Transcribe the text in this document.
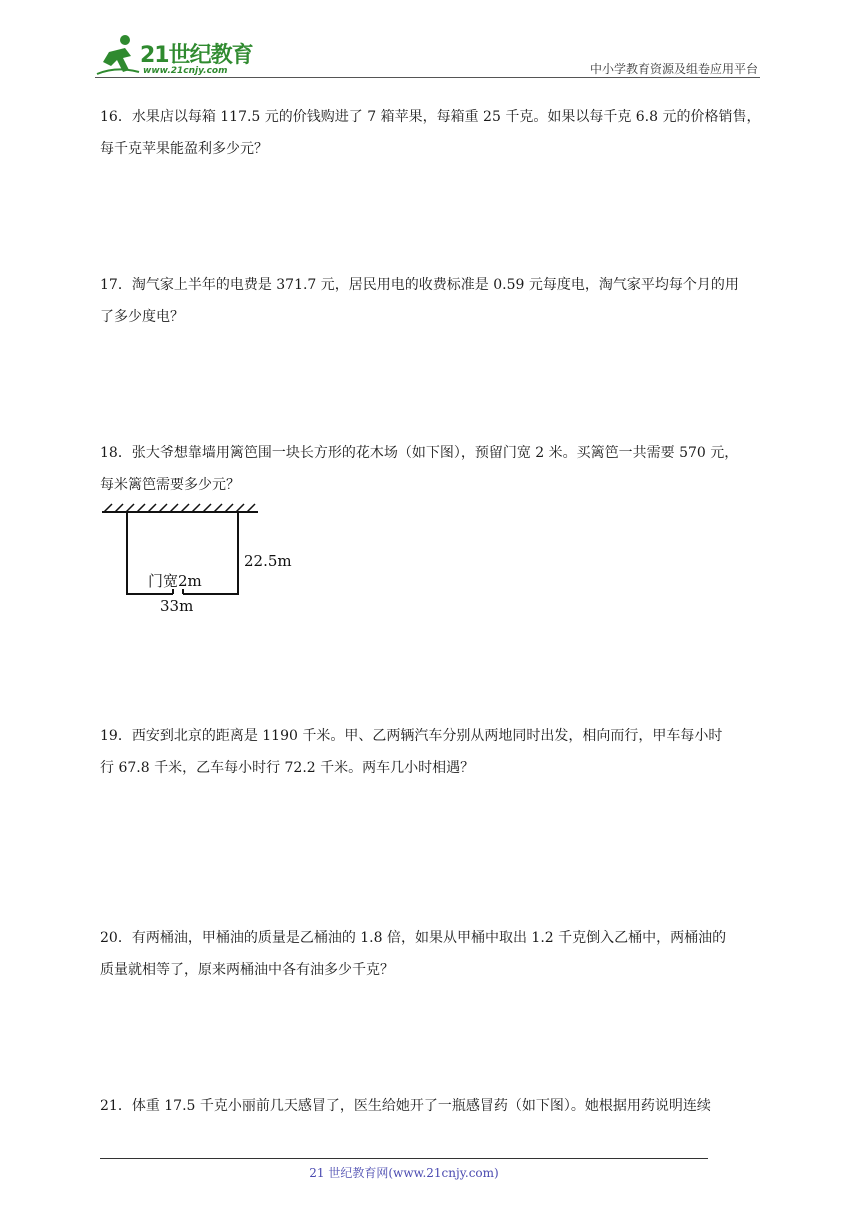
21世纪教育
www.21cnjy.com	中小学教育资源及组卷应用平台
16．水果店以每箱 117.5 元的价钱购进了 7 箱苹果，每箱重 25 千克。如果以每千克 6.8 元的价格销售，
每千克苹果能盈利多少元？
17．淘气家上半年的电费是 371.7 元，居民用电的收费标准是 0.59 元每度电，淘气家平均每个月的用
了多少度电？
18．张大爷想靠墙用篱笆围一块长方形的花木场（如下图），预留门宽 2 米。买篱笆一共需要 570 元，
每米篱笆需要多少元？
22.5m
门宽2m
33m
19．西安到北京的距离是 1190 千米。甲、乙两辆汽车分别从两地同时出发，相向而行，甲车每小时
行 67.8 千米，乙车每小时行 72.2 千米。两车几小时相遇？
20．有两桶油，甲桶油的质量是乙桶油的 1.8 倍，如果从甲桶中取出 1.2 千克倒入乙桶中，两桶油的
质量就相等了，原来两桶油中各有油多少千克？
21．体重 17.5 千克小丽前几天感冒了，医生给她开了一瓶感冒药（如下图）。她根据用药说明连续
21 世纪教育网(www.21cnjy.com)
